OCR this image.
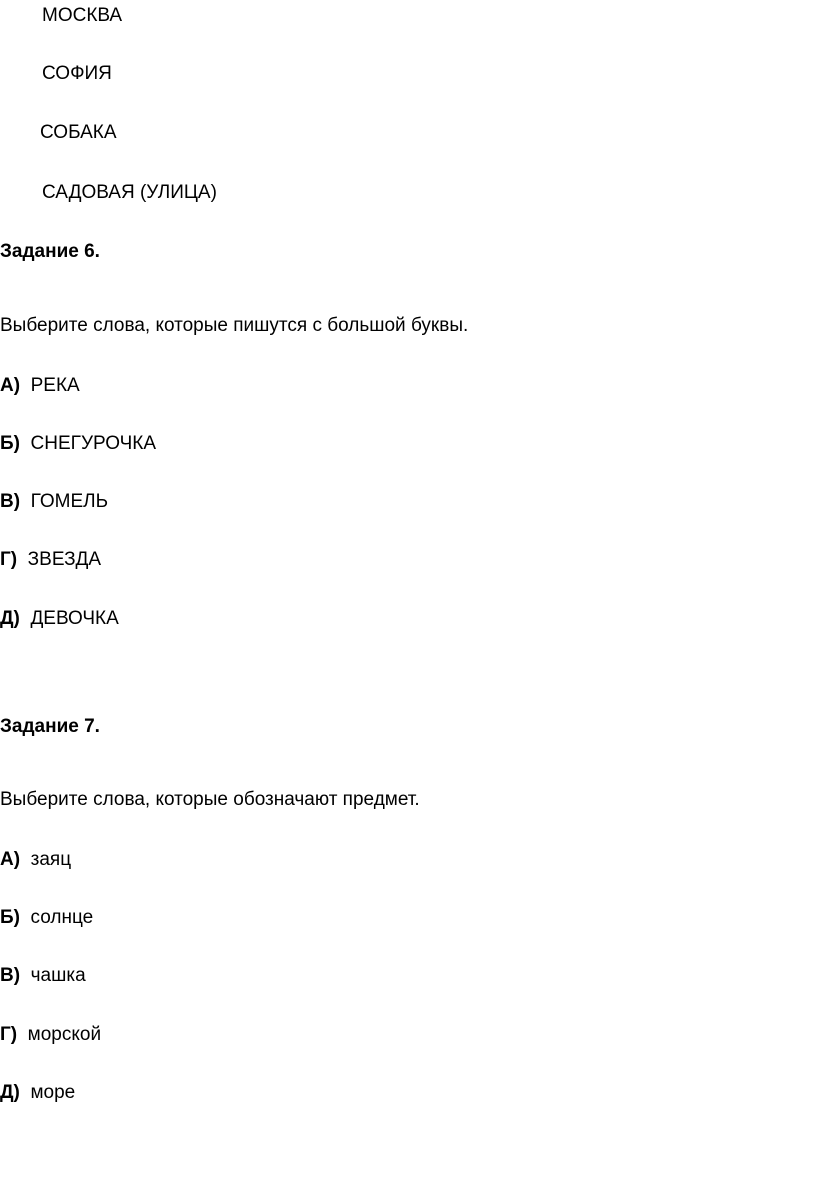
МОСКВА
СОФИЯ
СОБАКА
САДОВАЯ (УЛИЦА)
Задание 6.
Выберите слова, которые пишутся с большой буквы.
А) РЕКА
Б) СНЕГУРОЧКА
В) ГОМЕЛЬ
Г) ЗВЕЗДА
Д) ДЕВОЧКА
Задание 7.
Выберите слова, которые обозначают предмет.
А) заяц
Б) солнце
В) чашка
Г) морской
Д) море
